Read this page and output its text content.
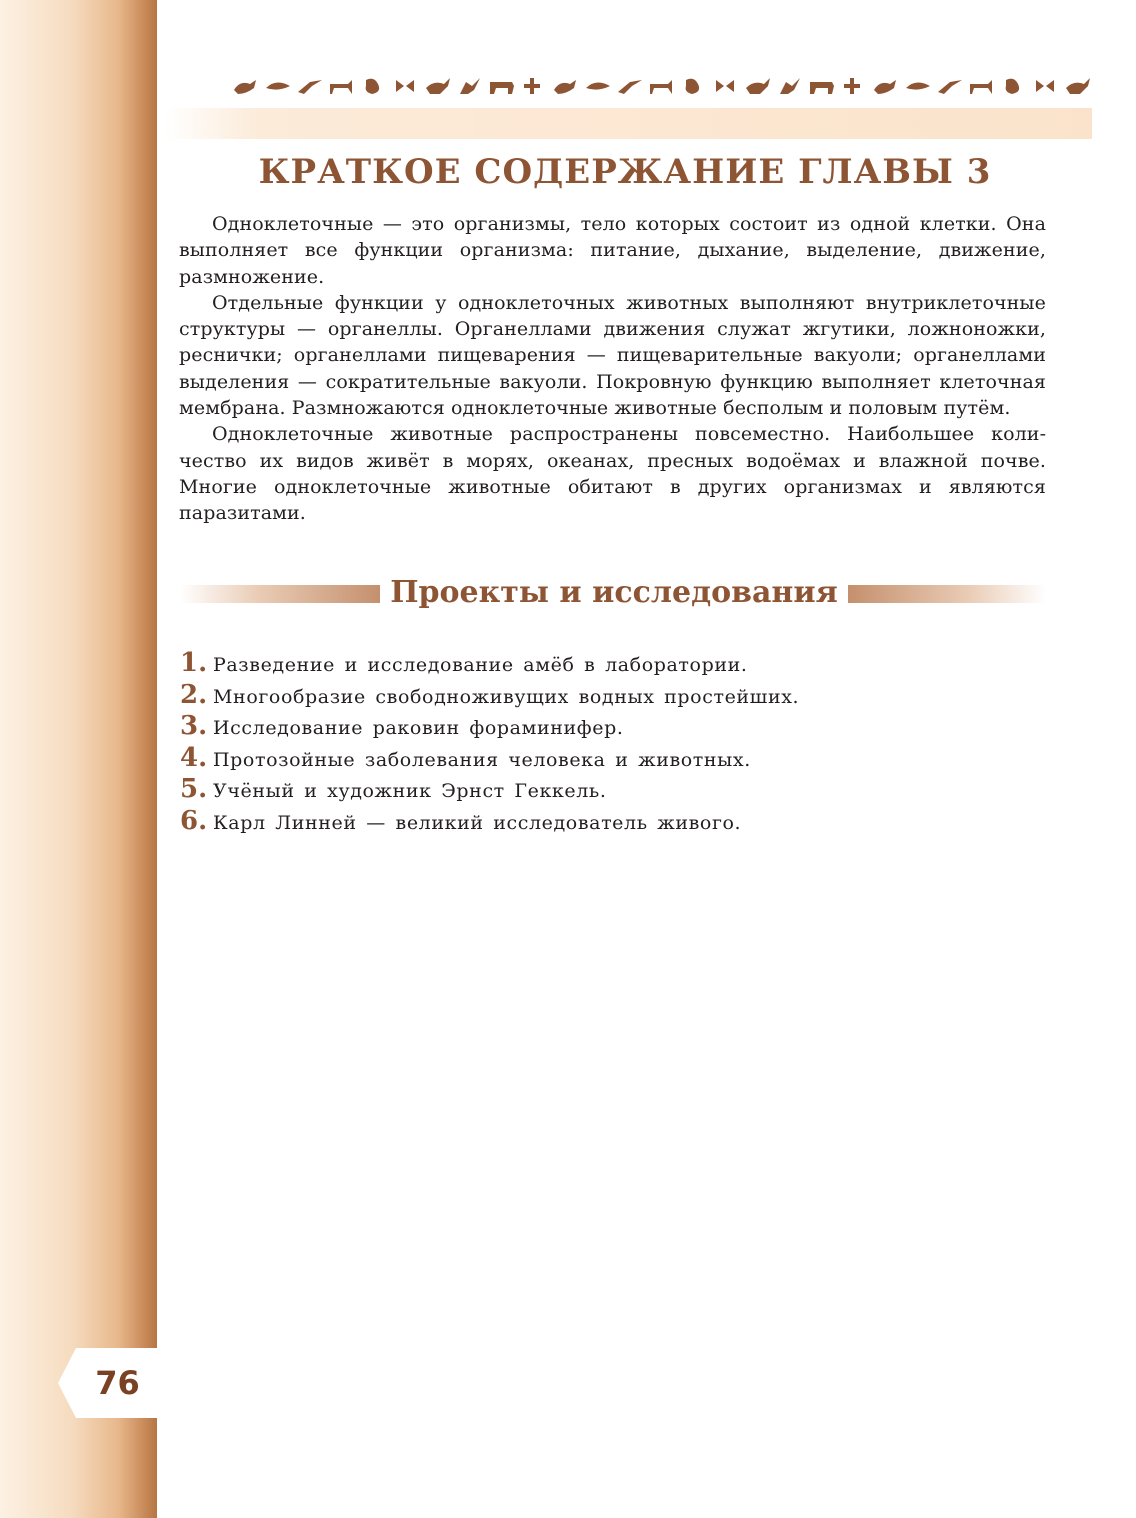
КРАТКОЕ СОДЕРЖАНИЕ ГЛАВЫ 3

Одноклеточные — это организмы, тело которых состоит из одной клетки. Она выполняет все функции организма: питание, дыхание, выделение, движение, размножение.

Отдельные функции у одноклеточных животных выполняют внутриклеточные структуры — органеллы. Органеллами движения служат жгутики, ложноножки, реснички; органеллами пищеварения — пищеварительные вакуоли; органеллами выделения — сократительные вакуоли. Покровную функцию выполняет клеточная мембрана. Размножаются одноклеточные животные бесполым и половым путём.

Одноклеточные животные распространены повсеместно. Наибольшее количество их видов живёт в морях, океанах, пресных водоёмах и влажной почве. Многие одноклеточные животные обитают в других организмах и являются паразитами.

Проекты и исследования
1. Разведение и исследование амёб в лаборатории.
2. Многообразие свободноживущих водных простейших.
3. Исследование раковин фораминифер.
4. Протозойные заболевания человека и животных.
5. Учёный и художник Эрнст Геккель.
6. Карл Линней — великий исследователь живого.
76
